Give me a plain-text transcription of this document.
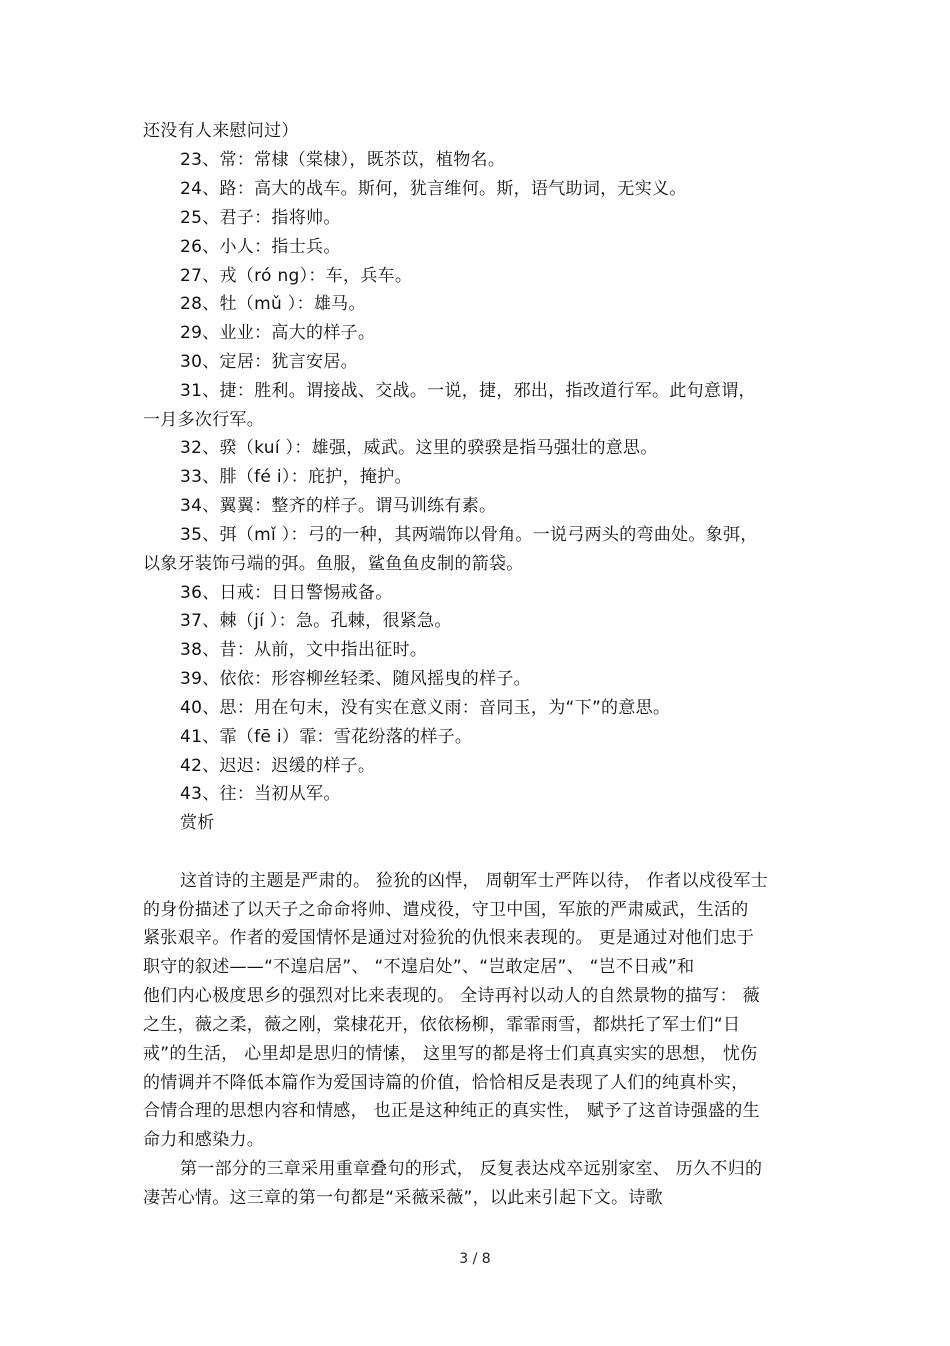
还没有人来慰问过）
23、常：常棣（棠棣），既苶苡，植物名。
24、路：高大的战车。斯何，犹言维何。斯，语气助词，无实义。
25、君子：指将帅。
26、小人：指士兵。
27、戎（ró ng）：车，兵车。
28、牡（mǔ ）：雄马。
29、业业：高大的样子。
30、定居：犹言安居。
31、捷：胜利。谓接战、交战。一说，捷，邪出，指改道行军。此句意谓，
一月多次行军。
32、骙（kuí ）：雄强，威武。这里的骙骙是指马强壮的意思。
33、腓（fé i）：庇护，掩护。
34、翼翼：整齐的样子。谓马训练有素。
35、弭（mǐ ）：弓的一种，其两端饰以骨角。一说弓两头的弯曲处。象弭，
以象牙装饰弓端的弭。鱼服，鲨鱼鱼皮制的箭袋。
36、日戒：日日警惕戒备。
37、棘（jí ）：急。孔棘，很紧急。
38、昔：从前，文中指出征时。
39、依依：形容柳丝轻柔、随风摇曳的样子。
40、思：用在句末，没有实在意义雨：音同玉，为“下”的意思。
41、霏（fē i）霏：雪花纷落的样子。
42、迟迟：迟缓的样子。
43、往：当初从军。
赏析
这首诗的主题是严肃的。 猃狁的凶悍， 周朝军士严阵以待， 作者以戍役军士
的身份描述了以天子之命命将帅、遣戍役，守卫中国，军旅的严肃威武，生活的
紧张艰辛。作者的爱国情怀是通过对猃狁的仇恨来表现的。 更是通过对他们忠于
职守的叙述——“不遑启居”、 “不遑启处”、“岂敢定居”、 “岂不日戒”和
他们内心极度思乡的强烈对比来表现的。 全诗再衬以动人的自然景物的描写： 薇
之生，薇之柔，薇之刚，棠棣花开，依依杨柳，霏霏雨雪，都烘托了军士们“日
戒”的生活， 心里却是思归的情愫， 这里写的都是将士们真真实实的思想， 忧伤
的情调并不降低本篇作为爱国诗篇的价值，恰恰相反是表现了人们的纯真朴实，
合情合理的思想内容和情感， 也正是这种纯正的真实性， 赋予了这首诗强盛的生
命力和感染力。
第一部分的三章采用重章叠句的形式， 反复表达戍卒远别家室、 历久不归的
凄苦心情。这三章的第一句都是“采薇采薇”，以此来引起下文。诗歌
3 / 8
